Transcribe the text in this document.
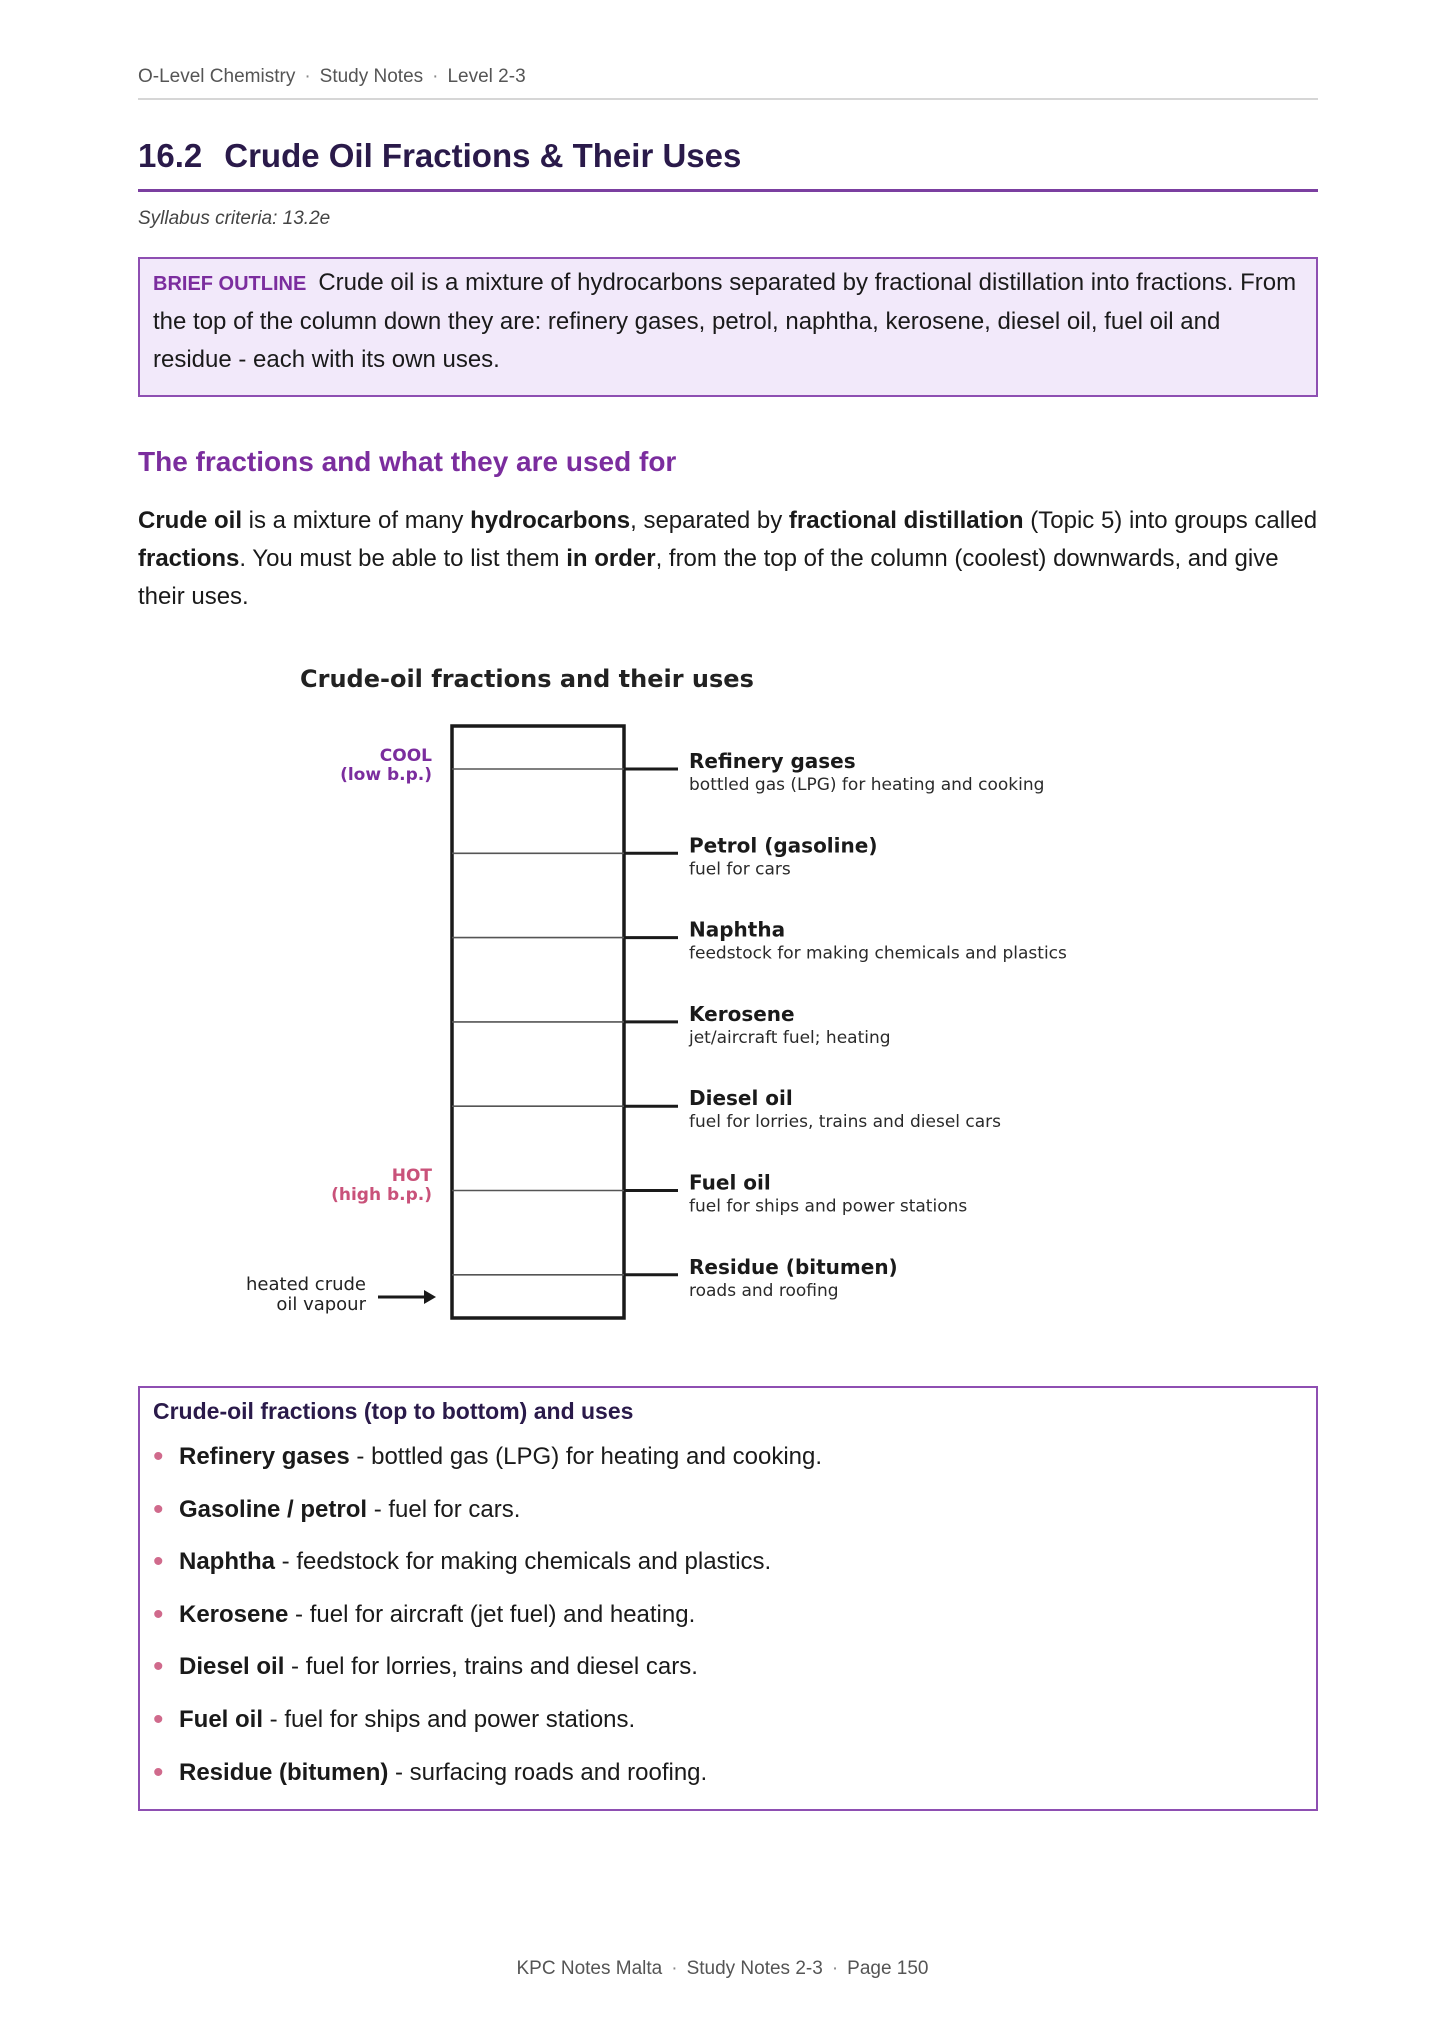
O-Level Chemistry · Study Notes · Level 2-3
16.2 Crude Oil Fractions & Their Uses
Syllabus criteria: 13.2e
BRIEF OUTLINE Crude oil is a mixture of hydrocarbons separated by fractional distillation into fractions. From the top of the column down they are: refinery gases, petrol, naphtha, kerosene, diesel oil, fuel oil and residue - each with its own uses.
The fractions and what they are used for

Crude oil is a mixture of many hydrocarbons, separated by fractional distillation (Topic 5) into groups called fractions. You must be able to list them in order, from the top of the column (coolest) downwards, and give their uses.

Crude-oil fractions and their uses
COOL
(low b.p.)
HOT
(high b.p.)
heated crude
oil vapour
Refinery gases
bottled gas (LPG) for heating and cooking
Petrol (gasoline)
fuel for cars
Naphtha
feedstock for making chemicals and plastics
Kerosene
jet/aircraft fuel; heating
Diesel oil
fuel for lorries, trains and diesel cars
Fuel oil
fuel for ships and power stations
Residue (bitumen)
roads and roofing

Crude-oil fractions (top to bottom) and uses

• Refinery gases - bottled gas (LPG) for heating and cooking.
• Gasoline / petrol - fuel for cars.
• Naphtha - feedstock for making chemicals and plastics.
• Kerosene - fuel for aircraft (jet fuel) and heating.
• Diesel oil - fuel for lorries, trains and diesel cars.
• Fuel oil - fuel for ships and power stations.
• Residue (bitumen) - surfacing roads and roofing.
KPC Notes Malta · Study Notes 2-3 · Page 150
